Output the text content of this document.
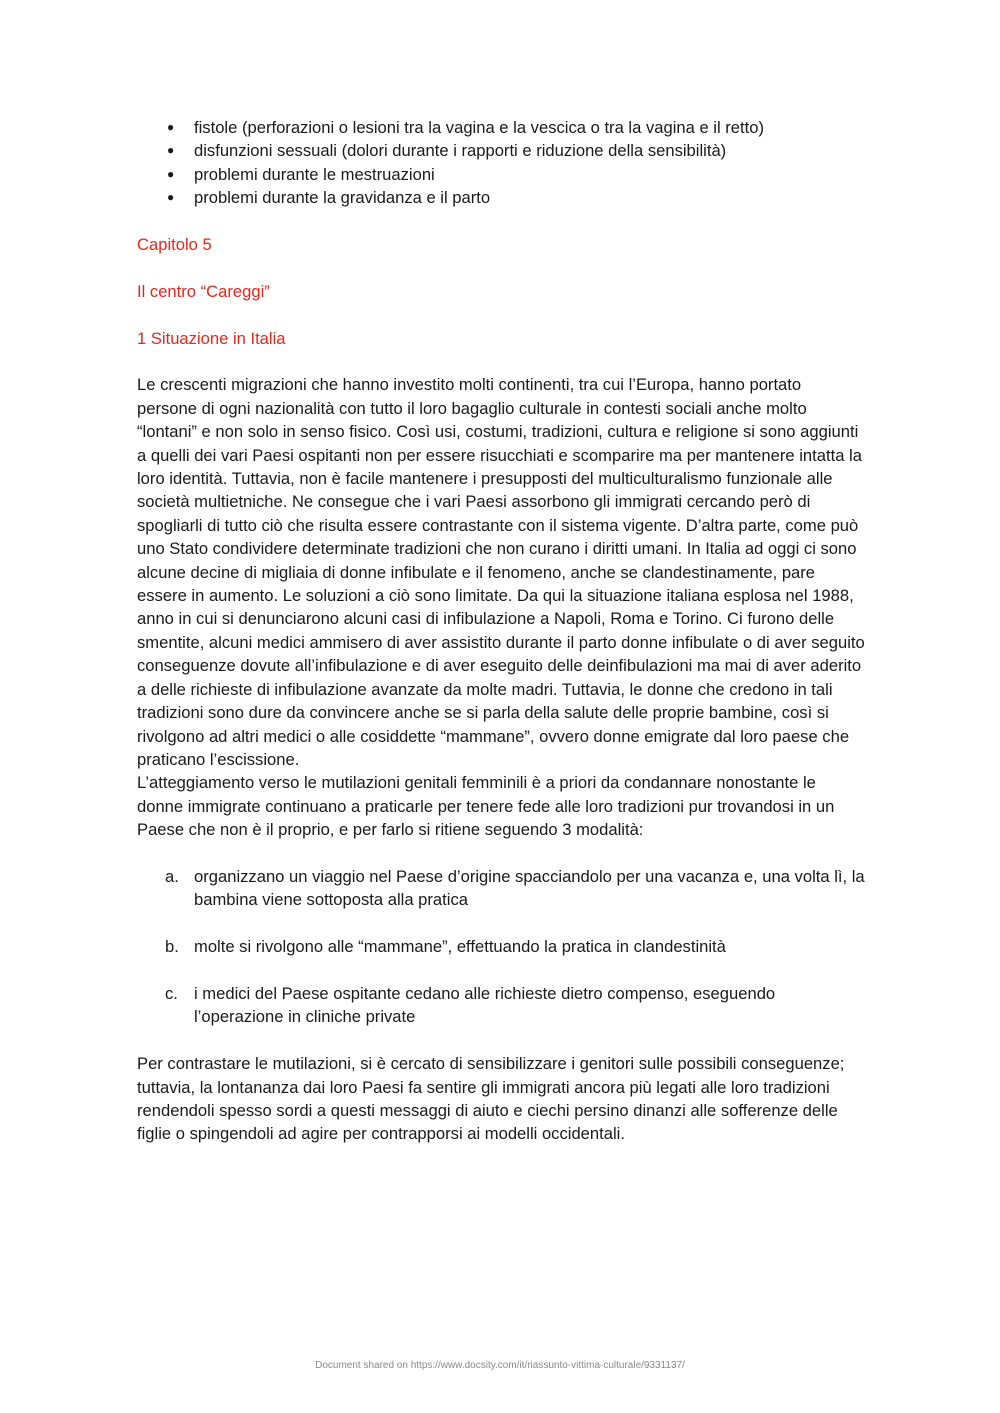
● fistole (perforazioni o lesioni tra la vagina e la vescica o tra la vagina e il retto)
● disfunzioni sessuali (dolori durante i rapporti e riduzione della sensibilità)
● problemi durante le mestruazioni
● problemi durante la gravidanza e il parto

Capitolo 5

Il centro “Careggi”

1 Situazione in Italia

Le crescenti migrazioni che hanno investito molti continenti, tra cui l’Europa, hanno portato persone di ogni nazionalità con tutto il loro bagaglio culturale in contesti sociali anche molto “lontani” e non solo in senso fisico. Così usi, costumi, tradizioni, cultura e religione si sono aggiunti a quelli dei vari Paesi ospitanti non per essere risucchiati e scomparire ma per mantenere intatta la loro identità. Tuttavia, non è facile mantenere i presupposti del multiculturalismo funzionale alle società multietniche. Ne consegue che i vari Paesi assorbono gli immigrati cercando però di spogliarli di tutto ciò che risulta essere contrastante con il sistema vigente. D’altra parte, come può uno Stato condividere determinate tradizioni che non curano i diritti umani. In Italia ad oggi ci sono alcune decine di migliaia di donne infibulate e il fenomeno, anche se clandestinamente, pare essere in aumento. Le soluzioni a ciò sono limitate. Da qui la situazione italiana esplosa nel 1988, anno in cui si denunciarono alcuni casi di infibulazione a Napoli, Roma e Torino. Ci furono delle smentite, alcuni medici ammisero di aver assistito durante il parto donne infibulate o di aver seguito conseguenze dovute all’infibulazione e di aver eseguito delle deinfibulazioni ma mai di aver aderito a delle richieste di infibulazione avanzate da molte madri. Tuttavia, le donne che credono in tali tradizioni sono dure da convincere anche se si parla della salute delle proprie bambine, così si rivolgono ad altri medici o alle cosiddette “mammane”, ovvero donne emigrate dal loro paese che praticano l’escissione.

L’atteggiamento verso le mutilazioni genitali femminili è a priori da condannare nonostante le donne immigrate continuano a praticarle per tenere fede alle loro tradizioni pur trovandosi in un Paese che non è il proprio, e per farlo si ritiene seguendo 3 modalità:

a. organizzano un viaggio nel Paese d’origine spacciandolo per una vacanza e, una volta lì, la bambina viene sottoposta alla pratica
b. molte si rivolgono alle “mammane”, effettuando la pratica in clandestinità
c. i medici del Paese ospitante cedano alle richieste dietro compenso, eseguendo l’operazione in cliniche private

Per contrastare le mutilazioni, si è cercato di sensibilizzare i genitori sulle possibili conseguenze; tuttavia, la lontananza dai loro Paesi fa sentire gli immigrati ancora più legati alle loro tradizioni rendendoli spesso sordi a questi messaggi di aiuto e ciechi persino dinanzi alle sofferenze delle figlie o spingendoli ad agire per contrapporsi ai modelli occidentali.

Document shared on https://www.docsity.com/it/riassunto-vittima-culturale/9331137/
